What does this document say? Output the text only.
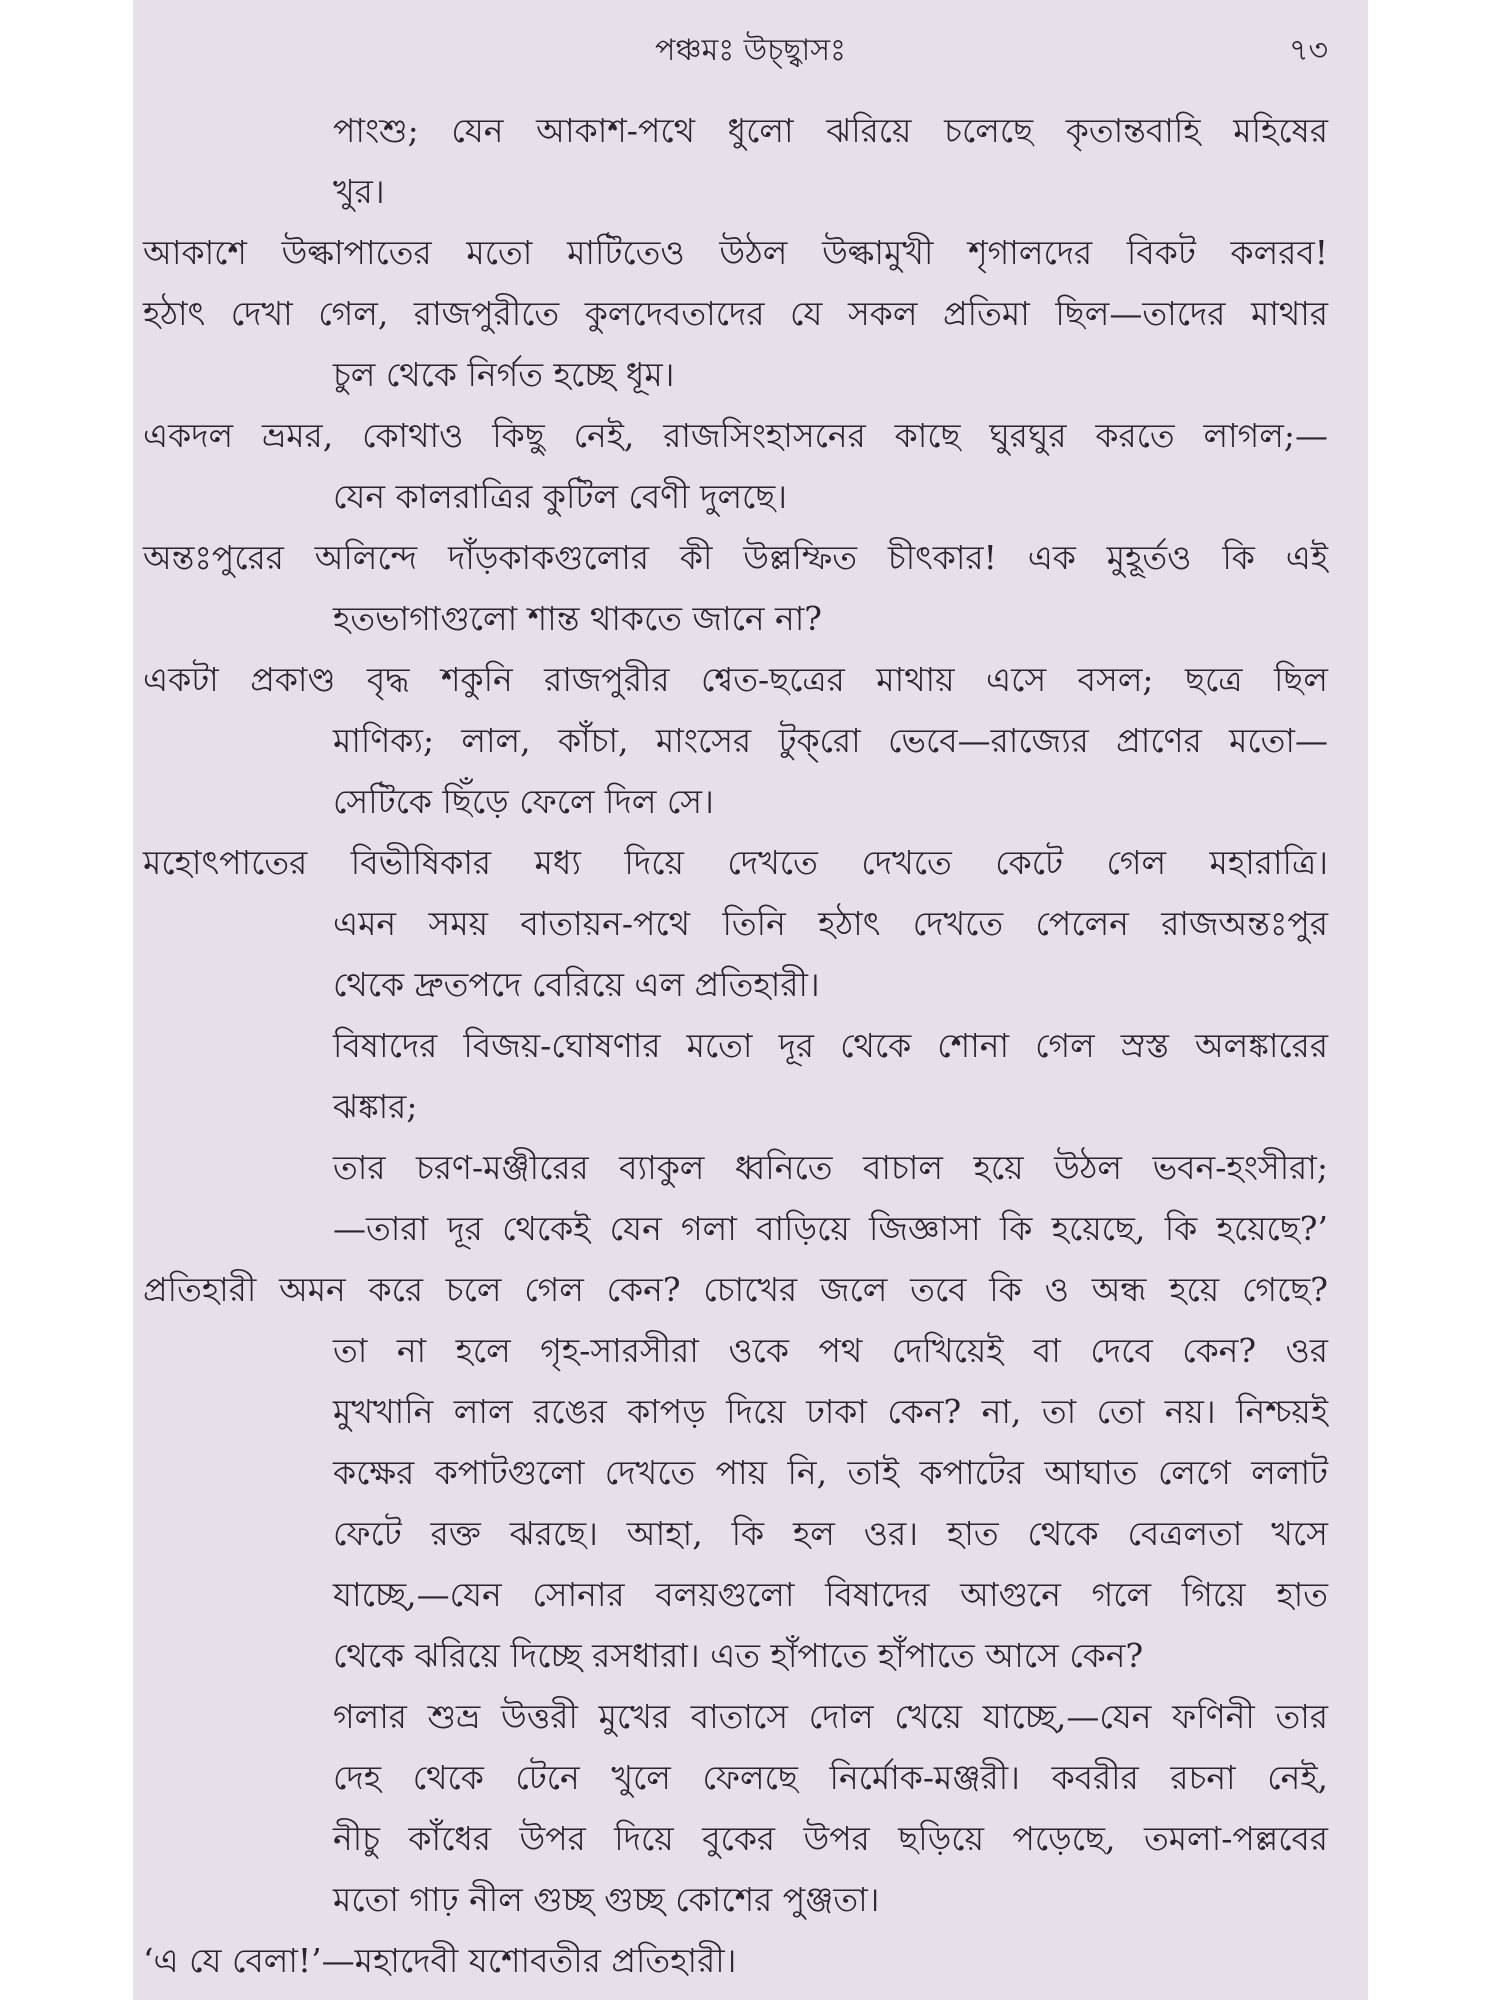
পঞ্চমঃ উচ্ছ্বাসঃ	৭৩
পাংশু; যেন আকাশ-পথে ধুলো ঝরিয়ে চলেছে কৃতান্তবাহি মহিষের
খুর।
আকাশে উল্কাপাতের মতো মাটিতেও উঠল উল্কামুখী শৃগালদের বিকট কলরব!
হঠাৎ দেখা গেল, রাজপুরীতে কুলদেবতাদের যে সকল প্রতিমা ছিল—তাদের মাথার
চুল থেকে নির্গত হচ্ছে ধূম।
একদল ভ্রমর, কোথাও কিছু নেই, রাজসিংহাসনের কাছে ঘুরঘুর করতে লাগল;—
যেন কালরাত্রির কুটিল বেণী দুলছে।
অন্তঃপুরের অলিন্দে দাঁড়কাকগুলোর কী উল্লম্ফিত চীৎকার! এক মুহূর্তও কি এই
হতভাগাগুলো শান্ত থাকতে জানে না?
একটা প্রকাণ্ড বৃদ্ধ শকুনি রাজপুরীর শ্বেত-ছত্রের মাথায় এসে বসল; ছত্রে ছিল
মাণিক্য; লাল, কাঁচা, মাংসের টুক্‌রো ভেবে—রাজ্যের প্রাণের মতো—
সেটিকে ছিঁড়ে ফেলে দিল সে।
মহোৎপাতের বিভীষিকার মধ্য দিয়ে দেখতে দেখতে কেটে গেল মহারাত্রি।
এমন সময় বাতায়ন-পথে তিনি হঠাৎ দেখতে পেলেন রাজঅন্তঃপুর
থেকে দ্রুতপদে বেরিয়ে এল প্রতিহারী।
বিষাদের বিজয়-ঘোষণার মতো দূর থেকে শোনা গেল স্রস্ত অলঙ্কারের
ঝঙ্কার;
তার চরণ-মঞ্জীরের ব্যাকুল ধ্বনিতে বাচাল হয়ে উঠল ভবন-হংসীরা;
—তারা দূর থেকেই যেন গলা বাড়িয়ে জিজ্ঞাসা কি হয়েছে, কি হয়েছে?’
প্রতিহারী অমন করে চলে গেল কেন? চোখের জলে তবে কি ও অন্ধ হয়ে গেছে?
তা না হলে গৃহ-সারসীরা ওকে পথ দেখিয়েই বা দেবে কেন? ওর
মুখখানি লাল রঙের কাপড় দিয়ে ঢাকা কেন? না, তা তো নয়। নিশ্চয়ই
কক্ষের কপাটগুলো দেখতে পায় নি, তাই কপাটের আঘাত লেগে ললাট
ফেটে রক্ত ঝরছে। আহা, কি হল ওর। হাত থেকে বেত্রলতা খসে
যাচ্ছে,—যেন সোনার বলয়গুলো বিষাদের আগুনে গলে গিয়ে হাত
থেকে ঝরিয়ে দিচ্ছে রসধারা। এত হাঁপাতে হাঁপাতে আসে কেন?
গলার শুভ্র উত্তরী মুখের বাতাসে দোল খেয়ে যাচ্ছে,—যেন ফণিনী তার
দেহ থেকে টেনে খুলে ফেলছে নির্মোক-মঞ্জরী। কবরীর রচনা নেই,
নীচু কাঁধের উপর দিয়ে বুকের উপর ছড়িয়ে পড়েছে, তমলা-পল্লবের
মতো গাঢ় নীল গুচ্ছ গুচ্ছ কোশের পুঞ্জতা।
‘এ যে বেলা!’—মহাদেবী যশোবতীর প্রতিহারী।
